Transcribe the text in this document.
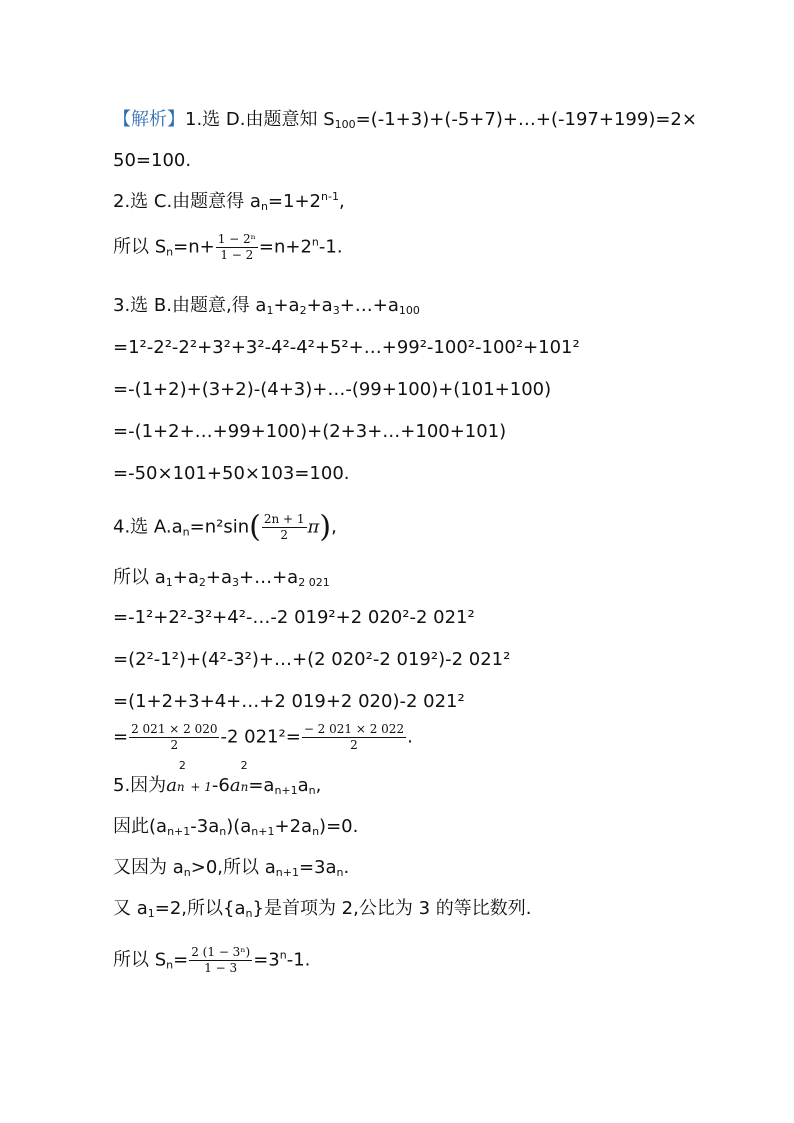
【解析】1.选 D.由题意知 $S_{100}=(-1+3)+(-5+7)+\dots+(-197+199)=2\times$
50=100.
2.选 C.由题意得 $a_n=1+2^{n-1}$,
所以 $S_n=n+ \frac{\text{1 − 2ⁿ}}{1 - 2} =n+2^n-1$.
3.选 B.由题意,得 $a_1+a_2+a_3+\dots+a_{100}$
=1²-2²-2²+3²+3²-4²-4²+5²+…+99²-100²-100²+101²
=-(1+2)+(3+2)-(4+3)+…-(99+100)+(101+100)
=-(1+2+…+99+100)+(2+3+…+100+101)
=-50×101+50×103=100.
4.选 $A.a_n=n^2\sin( \frac{2n + 1}{2} \pi)$,
所以 $a_1+a_2+a_3+\dots+a_{2 021}$
=-1²+2²-3²+4²-…-2 019²+2 020²-2 021²
=(2²-1²)+(4²-3²)+…+(2 020²-2 019²)-2 021²
=(1+2+3+4+…+2 019+2 020)-2 021²
= $\frac{2 021 \times 2 020}{2} -2$ $021^2= \frac{- 2 021 \times 2 022}{2}$ .
5.因为a
2
n + 1-6a
2
$n=a_{n+1}a_n$,
因此$(a_{n+1}-3a_n)(a_{n+1}+2a_n)=0$.
又因为 $a_n>0$,所以 $a_{n+1}=3a_n$.
又 $a_1=2$,所以$\{a_n\}$是首项为 2,公比为 3 的等比数列.
所以 $S_n= \frac{\text{2 (1 − 3ⁿ)}}{1 - 3} =3^n-1$.
